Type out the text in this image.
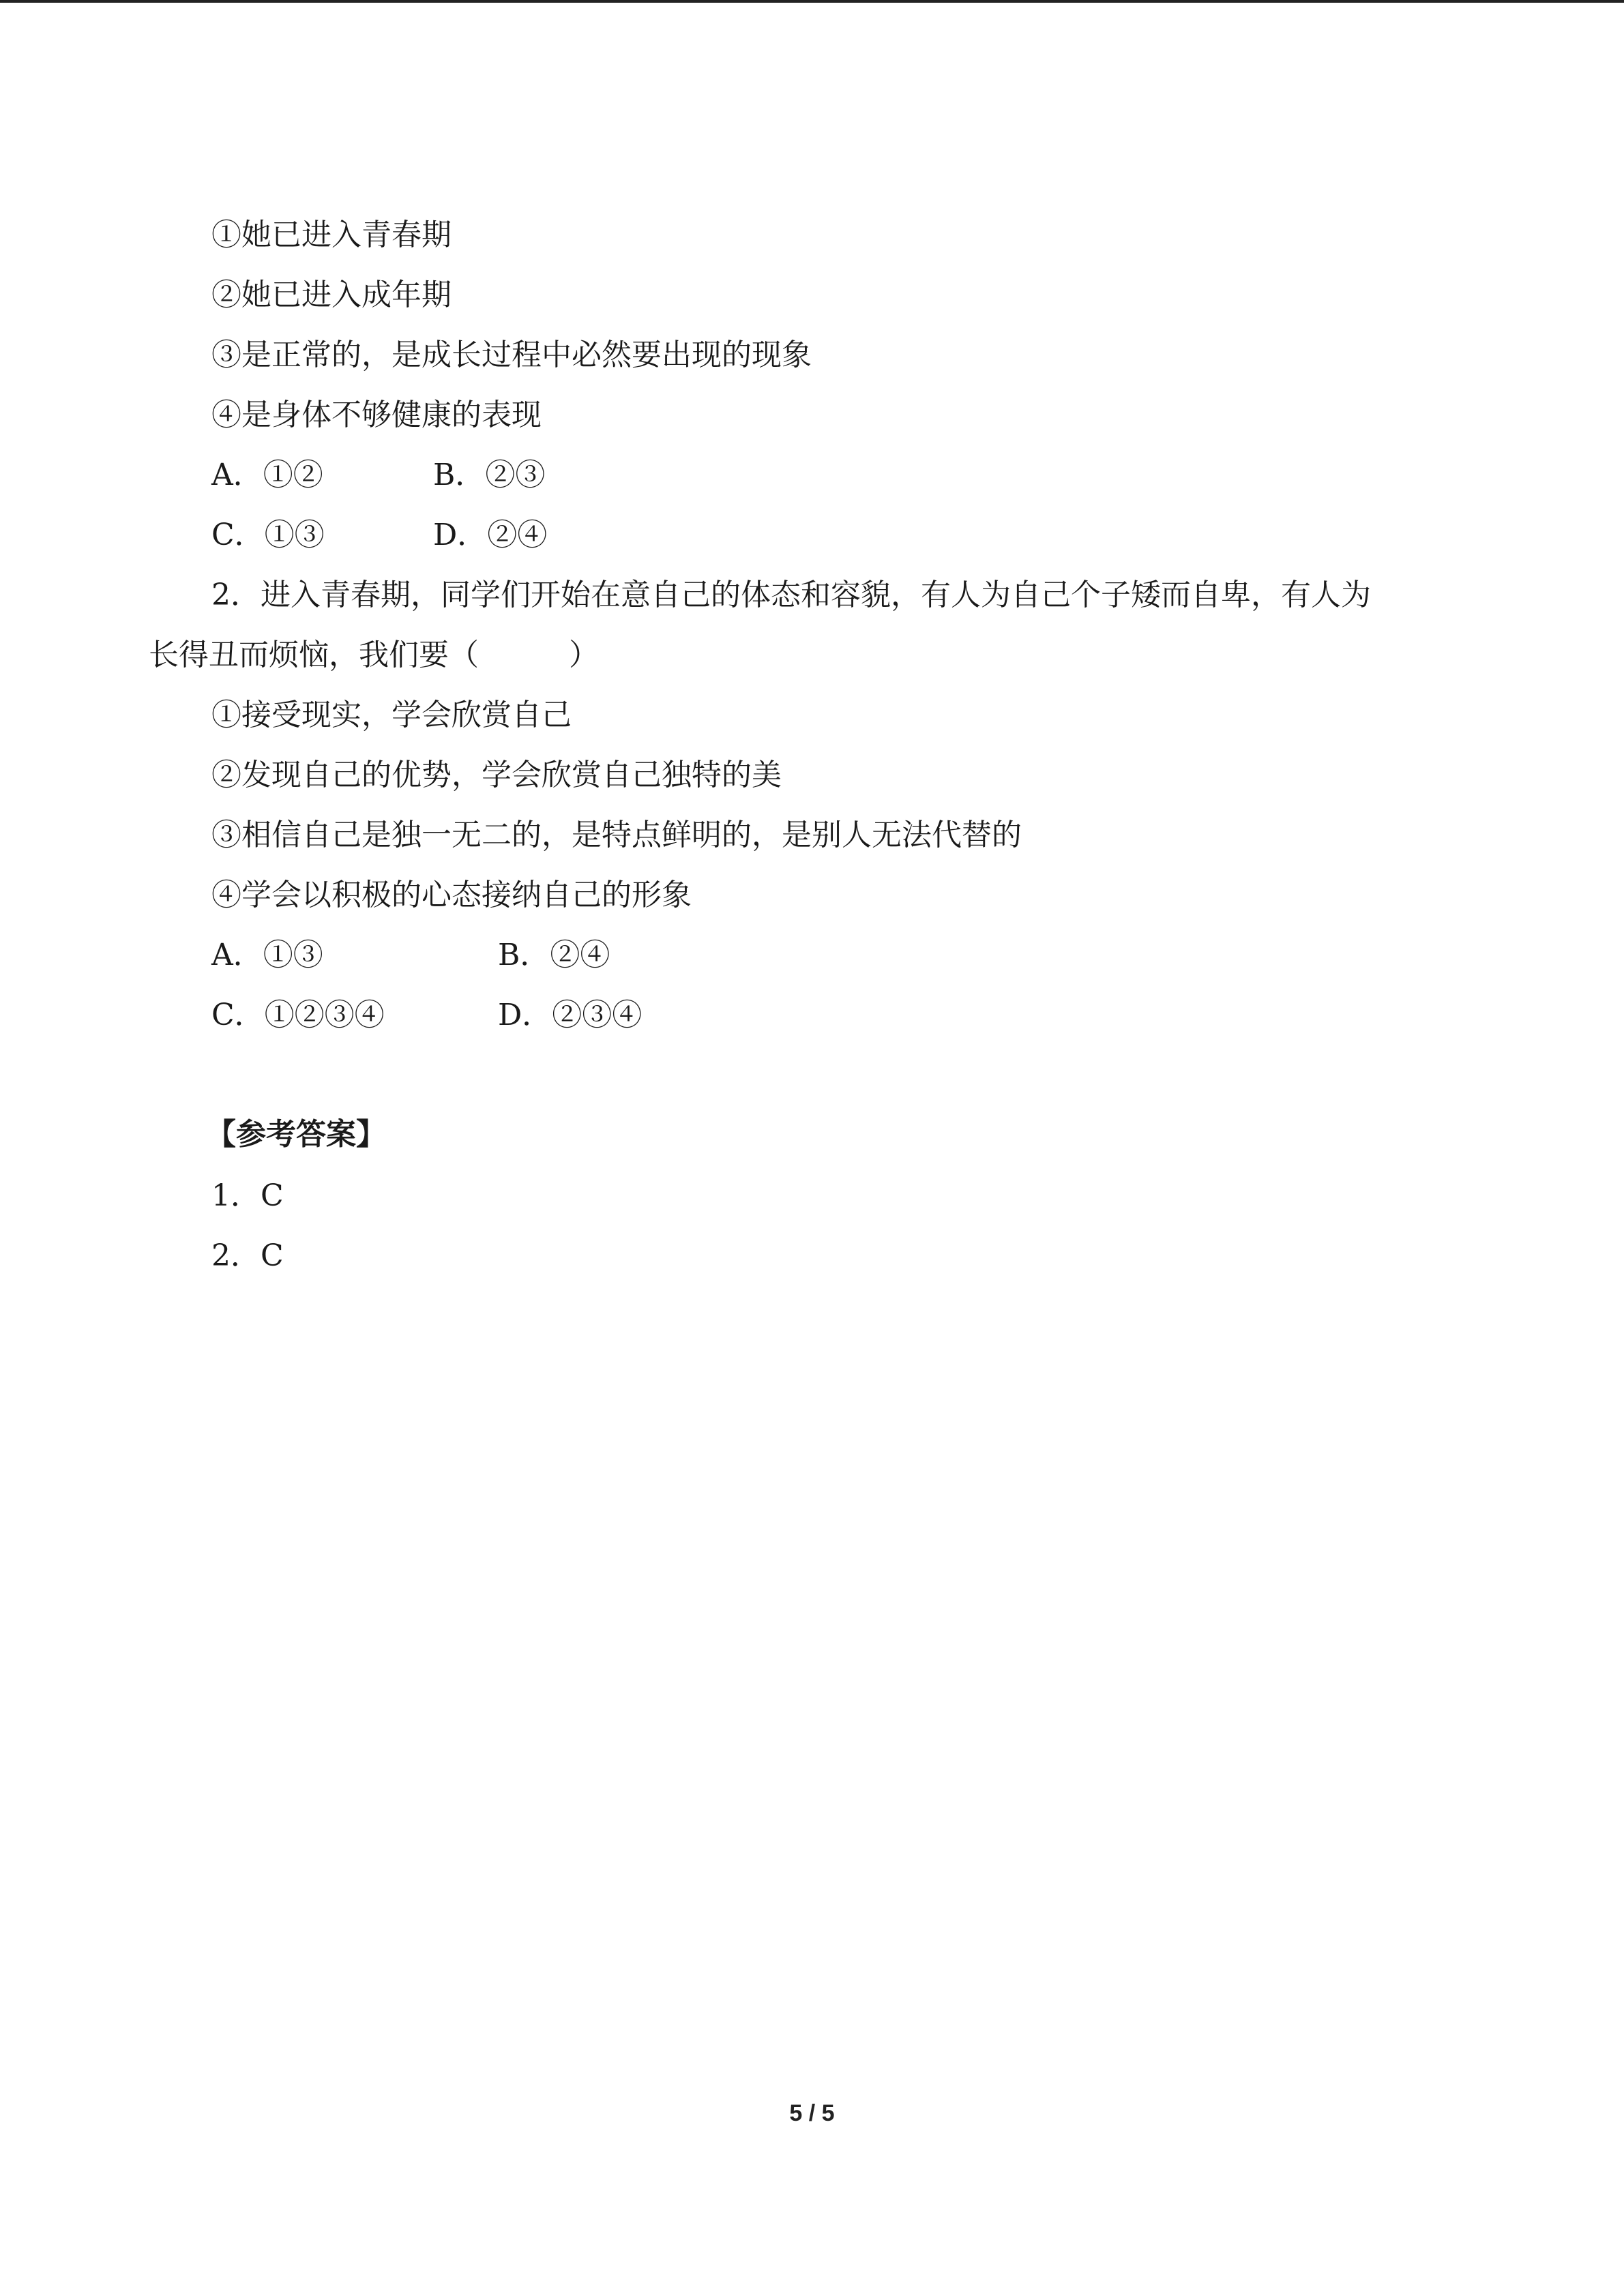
①她已进入青春期
②她已进入成年期
③是正常的，是成长过程中必然要出现的现象
④是身体不够健康的表现
A．①②	B．②③
C．①③	D．②④
2．进入青春期，同学们开始在意自己的体态和容貌，有人为自己个子矮而自卑，有人为
长得丑而烦恼，我们要（　　　）
①接受现实，学会欣赏自己
②发现自己的优势，学会欣赏自己独特的美
③相信自己是独一无二的，是特点鲜明的，是别人无法代替的
④学会以积极的心态接纳自己的形象
A．①③	B．②④
C．①②③④	D．②③④
【参考答案】
1．C
2．C
5 / 5
